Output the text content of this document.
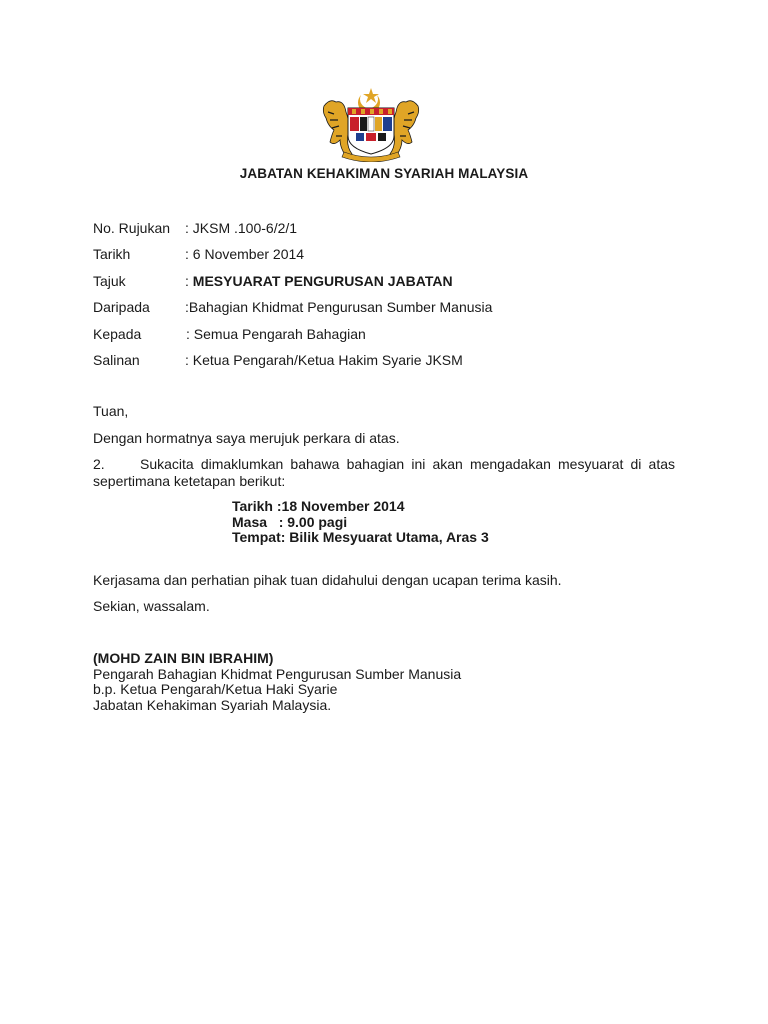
JABATAN KEHAKIMAN SYARIAH MALAYSIA
No. Rujukan : JKSM .100-6/2/1
Tarikh	: 6 November 2014
Tajuk	: MESYUARAT PENGURUSAN JABATAN
Daripada	:Bahagian Khidmat Pengurusan Sumber Manusia
Kepada	: Semua Pengarah Bahagian
Salinan	: Ketua Pengarah/Ketua Hakim Syarie JKSM
Tuan,
Dengan hormatnya saya merujuk perkara di atas.
2.	Sukacita dimaklumkan bahawa bahagian ini akan mengadakan mesyuarat di atas sepertimana ketetapan berikut:
Tarikh :18 November 2014
Masa   : 9.00 pagi
Tempat: Bilik Mesyuarat Utama, Aras 3
Kerjasama dan perhatian pihak tuan didahului dengan ucapan terima kasih.
Sekian, wassalam.
(MOHD ZAIN BIN IBRAHIM)
Pengarah Bahagian Khidmat Pengurusan Sumber Manusia
b.p. Ketua Pengarah/Ketua Haki Syarie
Jabatan Kehakiman Syariah Malaysia.
